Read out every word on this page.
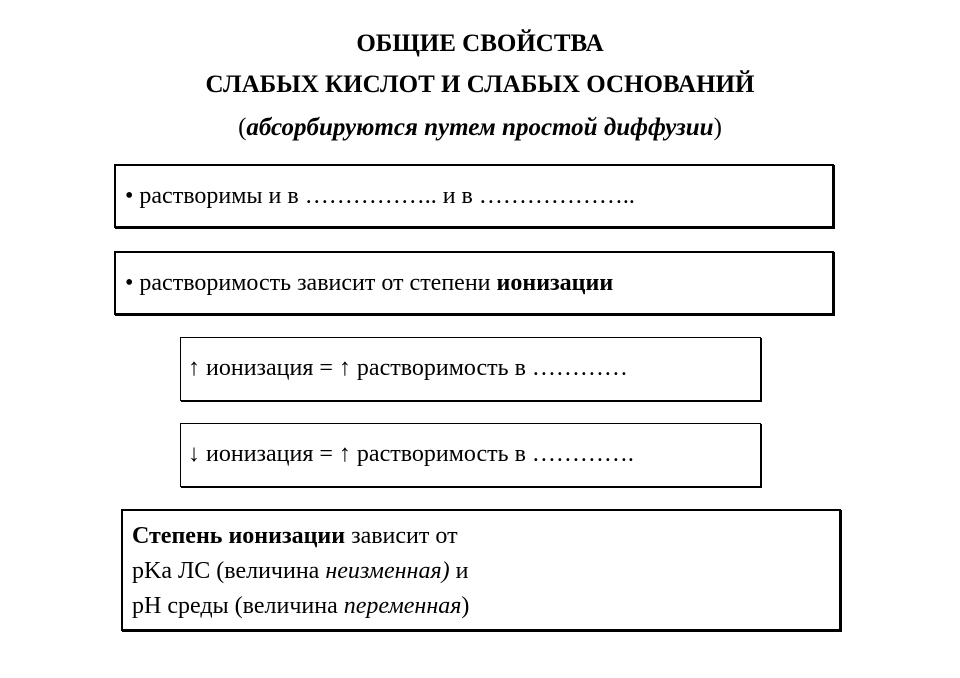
ОБЩИЕ СВОЙСТВА
СЛАБЫХ КИСЛОТ И СЛАБЫХ ОСНОВАНИЙ
(абсорбируются путем простой диффузии)
• растворимы и в …………….. и в ………………..
• растворимость зависит от степени ионизации
↑ ионизация = ↑ растворимость в …………
↓ ионизация = ↑ растворимость в ………….
Степень ионизации зависит от
pKa ЛС (величина неизменная) и
pH среды (величина переменная)
